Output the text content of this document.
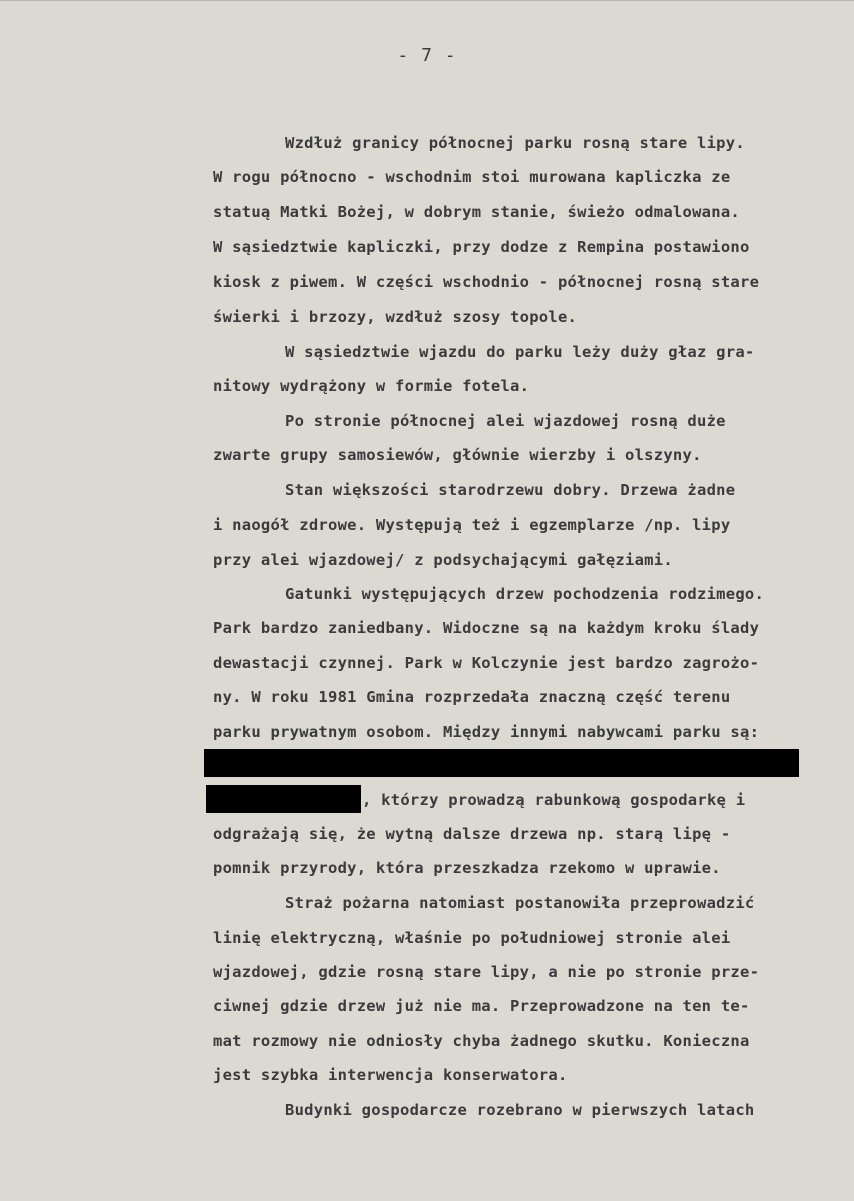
- 7 -
Wzdłuż granicy północnej parku rosną stare lipy.
W rogu północno - wschodnim stoi murowana kapliczka ze
statuą Matki Bożej, w dobrym stanie, świeżo odmalowana.
W sąsiedztwie kapliczki, przy dodze z Rempina postawiono
kiosk z piwem. W części wschodnio - północnej rosną stare
świerki i brzozy, wzdłuż szosy topole.
W sąsiedztwie wjazdu do parku leży duży głaz gra-
nitowy wydrążony w formie fotela.
Po stronie północnej alei wjazdowej rosną duże
zwarte grupy samosiewów, głównie wierzby i olszyny.
Stan większości starodrzewu dobry. Drzewa żadne
i naogół zdrowe. Występują też i egzemplarze /np. lipy
przy alei wjazdowej/ z podsychającymi gałęziami.
Gatunki występujących drzew pochodzenia rodzimego.
Park bardzo zaniedbany. Widoczne są na każdym kroku ślady
dewastacji czynnej. Park w Kolczynie jest bardzo zagrożo-
ny. W roku 1981 Gmina rozprzedała znaczną część terenu
parku prywatnym osobom. Między innymi nabywcami parku są:
, którzy prowadzą rabunkową gospodarkę i
odgrażają się, że wytną dalsze drzewa np. starą lipę -
pomnik przyrody, która przeszkadza rzekomo w uprawie.
Straż pożarna natomiast postanowiła przeprowadzić
linię elektryczną, właśnie po południowej stronie alei
wjazdowej, gdzie rosną stare lipy, a nie po stronie prze-
ciwnej gdzie drzew już nie ma. Przeprowadzone na ten te-
mat rozmowy nie odniosły chyba żadnego skutku. Konieczna
jest szybka interwencja konserwatora.
Budynki gospodarcze rozebrano w pierwszych latach
